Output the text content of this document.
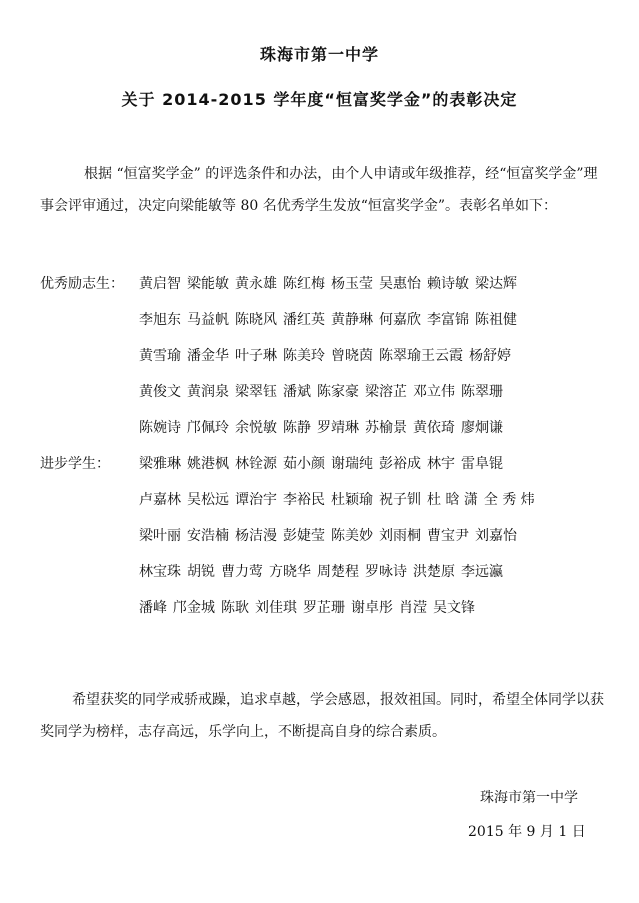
珠海市第一中学
关于 2014-2015 学年度“恒富奖学金”的表彰决定

根据 “恒富奖学金” 的评选条件和办法，由个人申请或年级推荐，经“恒富奖学金”理事会评审通过，决定向梁能敏等 80 名优秀学生发放“恒富奖学金”。表彰名单如下：

优秀励志生： 黄启智 梁能敏 黄永雄 陈红梅 杨玉莹 吴惠怡 赖诗敏 梁达辉
李旭东 马益帆 陈晓风 潘红英 黄静琳 何嘉欣 李富锦 陈祖健
黄雪瑜 潘金华 叶子琳 陈美玲 曾晓茵 陈翠瑜王云霞 杨舒婷
黄俊文 黄润泉 梁翠钰 潘斌 陈家豪 梁溶芷 邓立伟 陈翠珊
陈婉诗 邝佩玲 余悦敏 陈静 罗靖琳 苏榆景 黄依琦 廖炯谦
进步学生： 梁雅琳 姚港枫 林铨源 茹小颜 谢瑞纯 彭裕成 林宇 雷阜锟
卢嘉林 吴松远 谭治宇 李裕民 杜颖瑜 祝子钏 杜 晗 潇 全 秀 炜
梁叶丽 安浩楠 杨洁漫 彭婕莹 陈美妙 刘雨桐 曹宝尹 刘嘉怡
林宝珠 胡锐 曹力莺 方晓华 周楚程 罗咏诗 洪楚原 李远瀛
潘峰 邝金城 陈耿 刘佳琪 罗芷珊 谢卓彤 肖滢 吴文锋

希望获奖的同学戒骄戒躁，追求卓越，学会感恩，报效祖国。同时，希望全体同学以获奖同学为榜样，志存高远，乐学向上，不断提高自身的综合素质。

珠海市第一中学
2015 年 9 月 1 日
